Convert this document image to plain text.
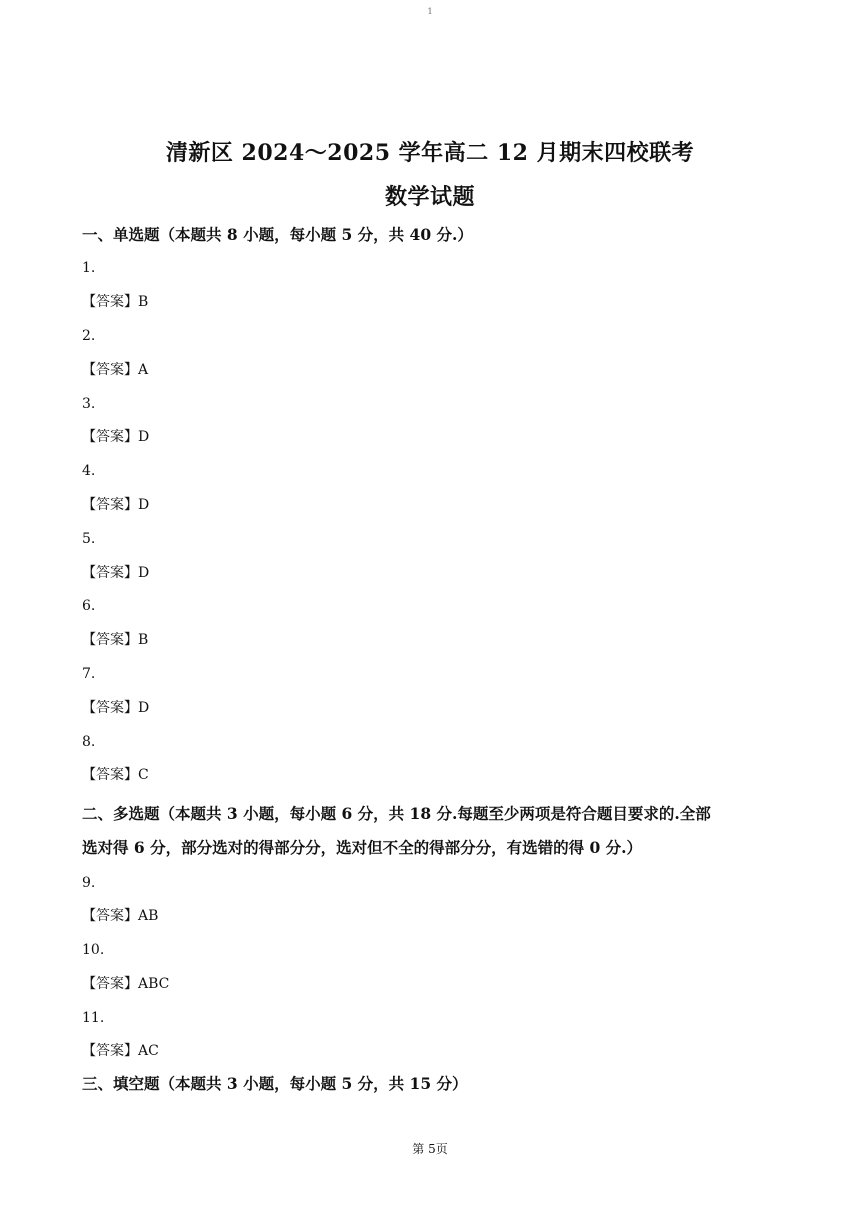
1
清新区 2024～2025 学年高二 12 月期末四校联考
数学试题
一、单选题（本题共 8 小题，每小题 5 分，共 40 分.）
1.
【答案】B
2.
【答案】A
3.
【答案】D
4.
【答案】D
5.
【答案】D
6.
【答案】B
7.
【答案】D
8.
【答案】C
二、多选题（本题共 3 小题，每小题 6 分，共 18 分.每题至少两项是符合题目要求的.全部
选对得 6 分，部分选对的得部分分，选对但不全的得部分分，有选错的得 0 分.）
9.
【答案】AB
10.
【答案】ABC
11.
【答案】AC
三、填空题（本题共 3 小题，每小题 5 分，共 15 分）
第 5页
